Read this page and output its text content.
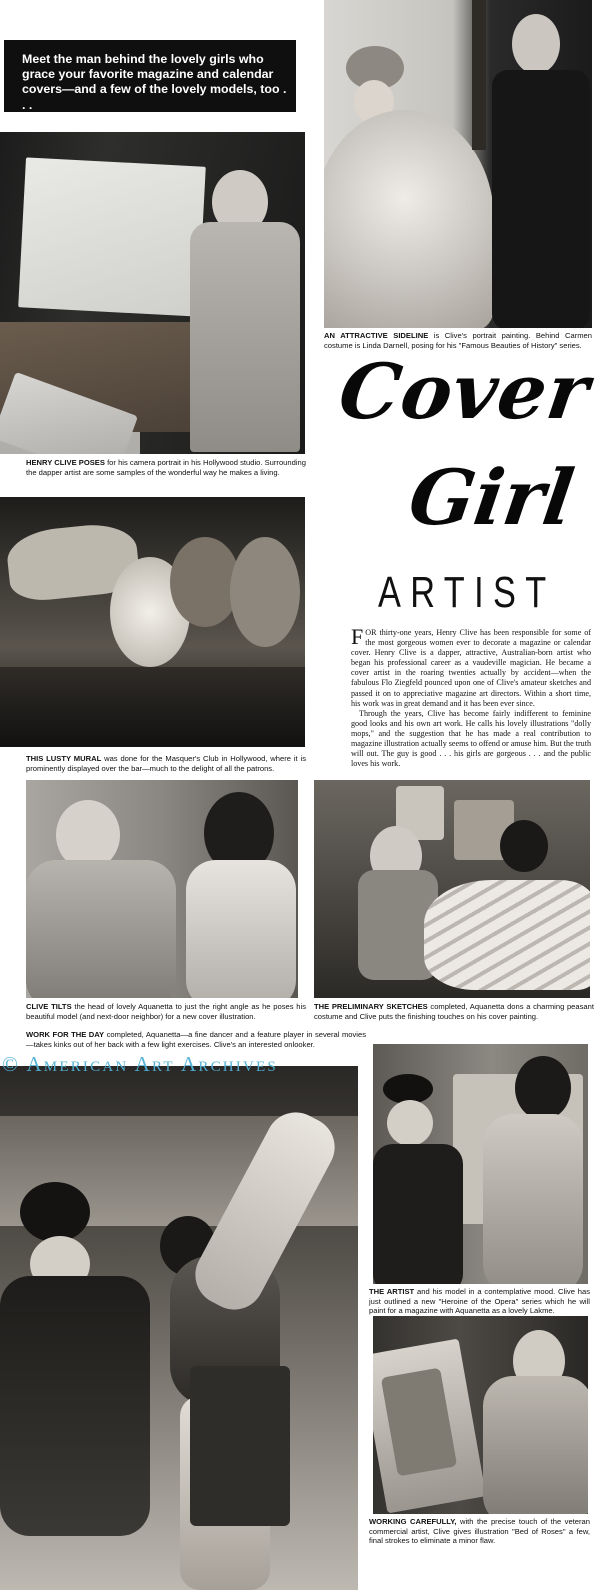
Meet the man behind the lovely girls who grace your favorite magazine and calendar covers—and a few of the lovely models, too . . .
AN ATTRACTIVE SIDELINE is Clive's portrait painting. Behind Carmen costume is Linda Darnell, posing for his "Famous Beauties of History" series.
HENRY CLIVE POSES for his camera portrait in his Hollywood studio. Surrounding the dapper artist are some samples of the wonderful way he makes a living.
Cover
Girl
ARTIST
THIS LUSTY MURAL was done for the Masquer's Club in Hollywood, where it is prominently displayed over the bar—much to the delight of all the patrons.

FOR thirty-one years, Henry Clive has been responsible for some of the most gorgeous women ever to decorate a magazine or calendar cover. Henry Clive is a dapper, attractive, Australian-born artist who began his professional career as a vaudeville magician. He became a cover artist in the roaring twenties actually by accident—when the fabulous Flo Ziegfeld pounced upon one of Clive's amateur sketches and passed it on to appreciative magazine art directors. Within a short time, his work was in great demand and it has been ever since.

Through the years, Clive has become fairly indifferent to feminine good looks and his own art work. He calls his lovely illustrations "dolly mops," and the suggestion that he has made a real contribution to magazine illustration actually seems to offend or amuse him. But the truth will out. The guy is good . . . his girls are gorgeous . . . and the public loves his work.

CLIVE TILTS the head of lovely Aquanetta to just the right angle as he poses his beautiful model (and next-door neighbor) for a new cover illustration.
THE PRELIMINARY SKETCHES completed, Aquanetta dons a charming peasant costume and Clive puts the finishing touches on his cover painting.
WORK FOR THE DAY completed, Aquanetta—a fine dancer and a feature player in several movies—takes kinks out of her back with a few light exercises. Clive's an interested onlooker.
THE ARTIST and his model in a contemplative mood. Clive has just outlined a new "Heroine of the Opera" series which he will paint for a magazine with Aquanetta as a lovely Lakme.
WORKING CAREFULLY, with the precise touch of the veteran commercial artist, Clive gives illustration "Bed of Roses" a few, final strokes to eliminate a minor flaw.
© American Art Archives
